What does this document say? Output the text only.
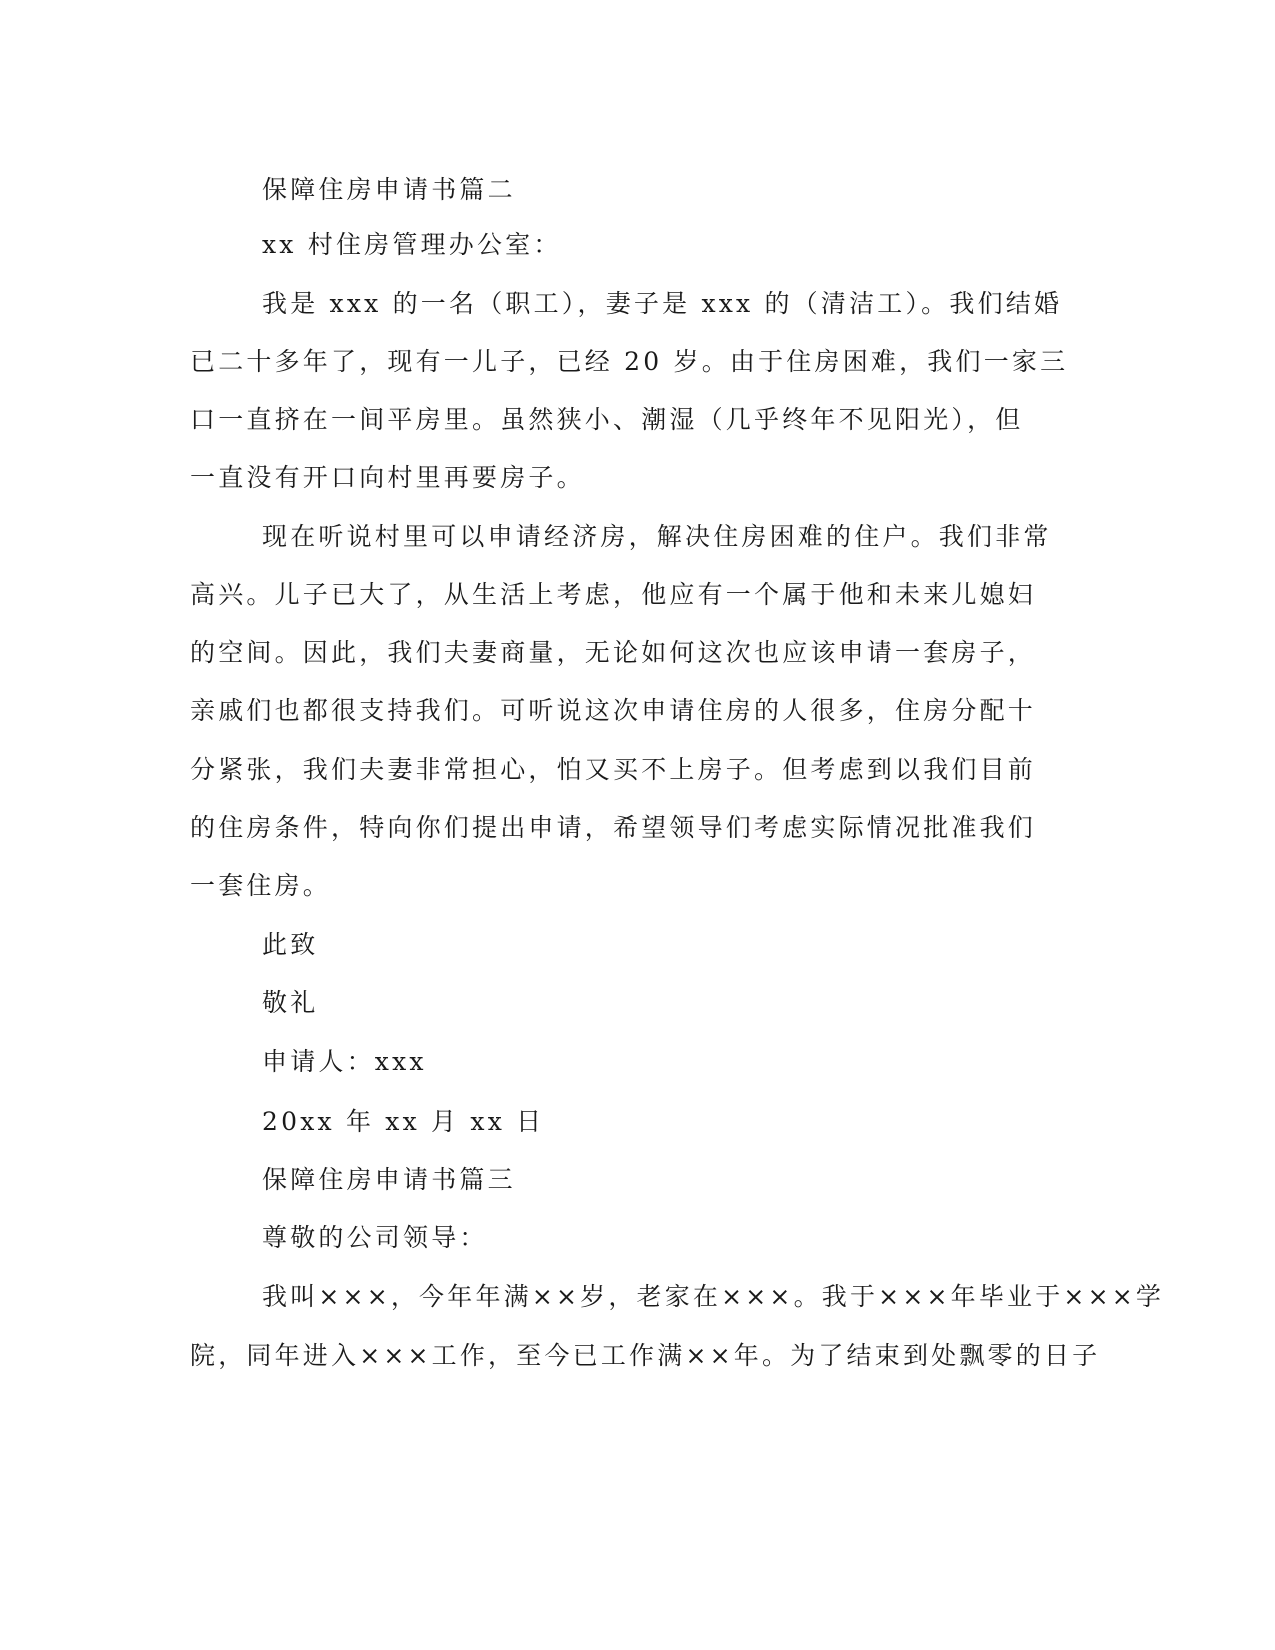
保障住房申请书篇二
xx 村住房管理办公室：
我是 xxx 的一名（职工），妻子是 xxx 的（清洁工）。我们结婚
已二十多年了，现有一儿子，已经 20 岁。由于住房困难，我们一家三
口一直挤在一间平房里。虽然狭小、潮湿（几乎终年不见阳光），但
一直没有开口向村里再要房子。
现在听说村里可以申请经济房，解决住房困难的住户。我们非常
高兴。儿子已大了，从生活上考虑，他应有一个属于他和未来儿媳妇
的空间。因此，我们夫妻商量，无论如何这次也应该申请一套房子，
亲戚们也都很支持我们。可听说这次申请住房的人很多，住房分配十
分紧张，我们夫妻非常担心，怕又买不上房子。但考虑到以我们目前
的住房条件，特向你们提出申请，希望领导们考虑实际情况批准我们
一套住房。
此致
敬礼
申请人：xxx
20xx 年 xx 月 xx 日
保障住房申请书篇三
尊敬的公司领导：
我叫×××，今年年满××岁，老家在×××。我于×××年毕业于×××学
院，同年进入×××工作，至今已工作满××年。为了结束到处飘零的日子
